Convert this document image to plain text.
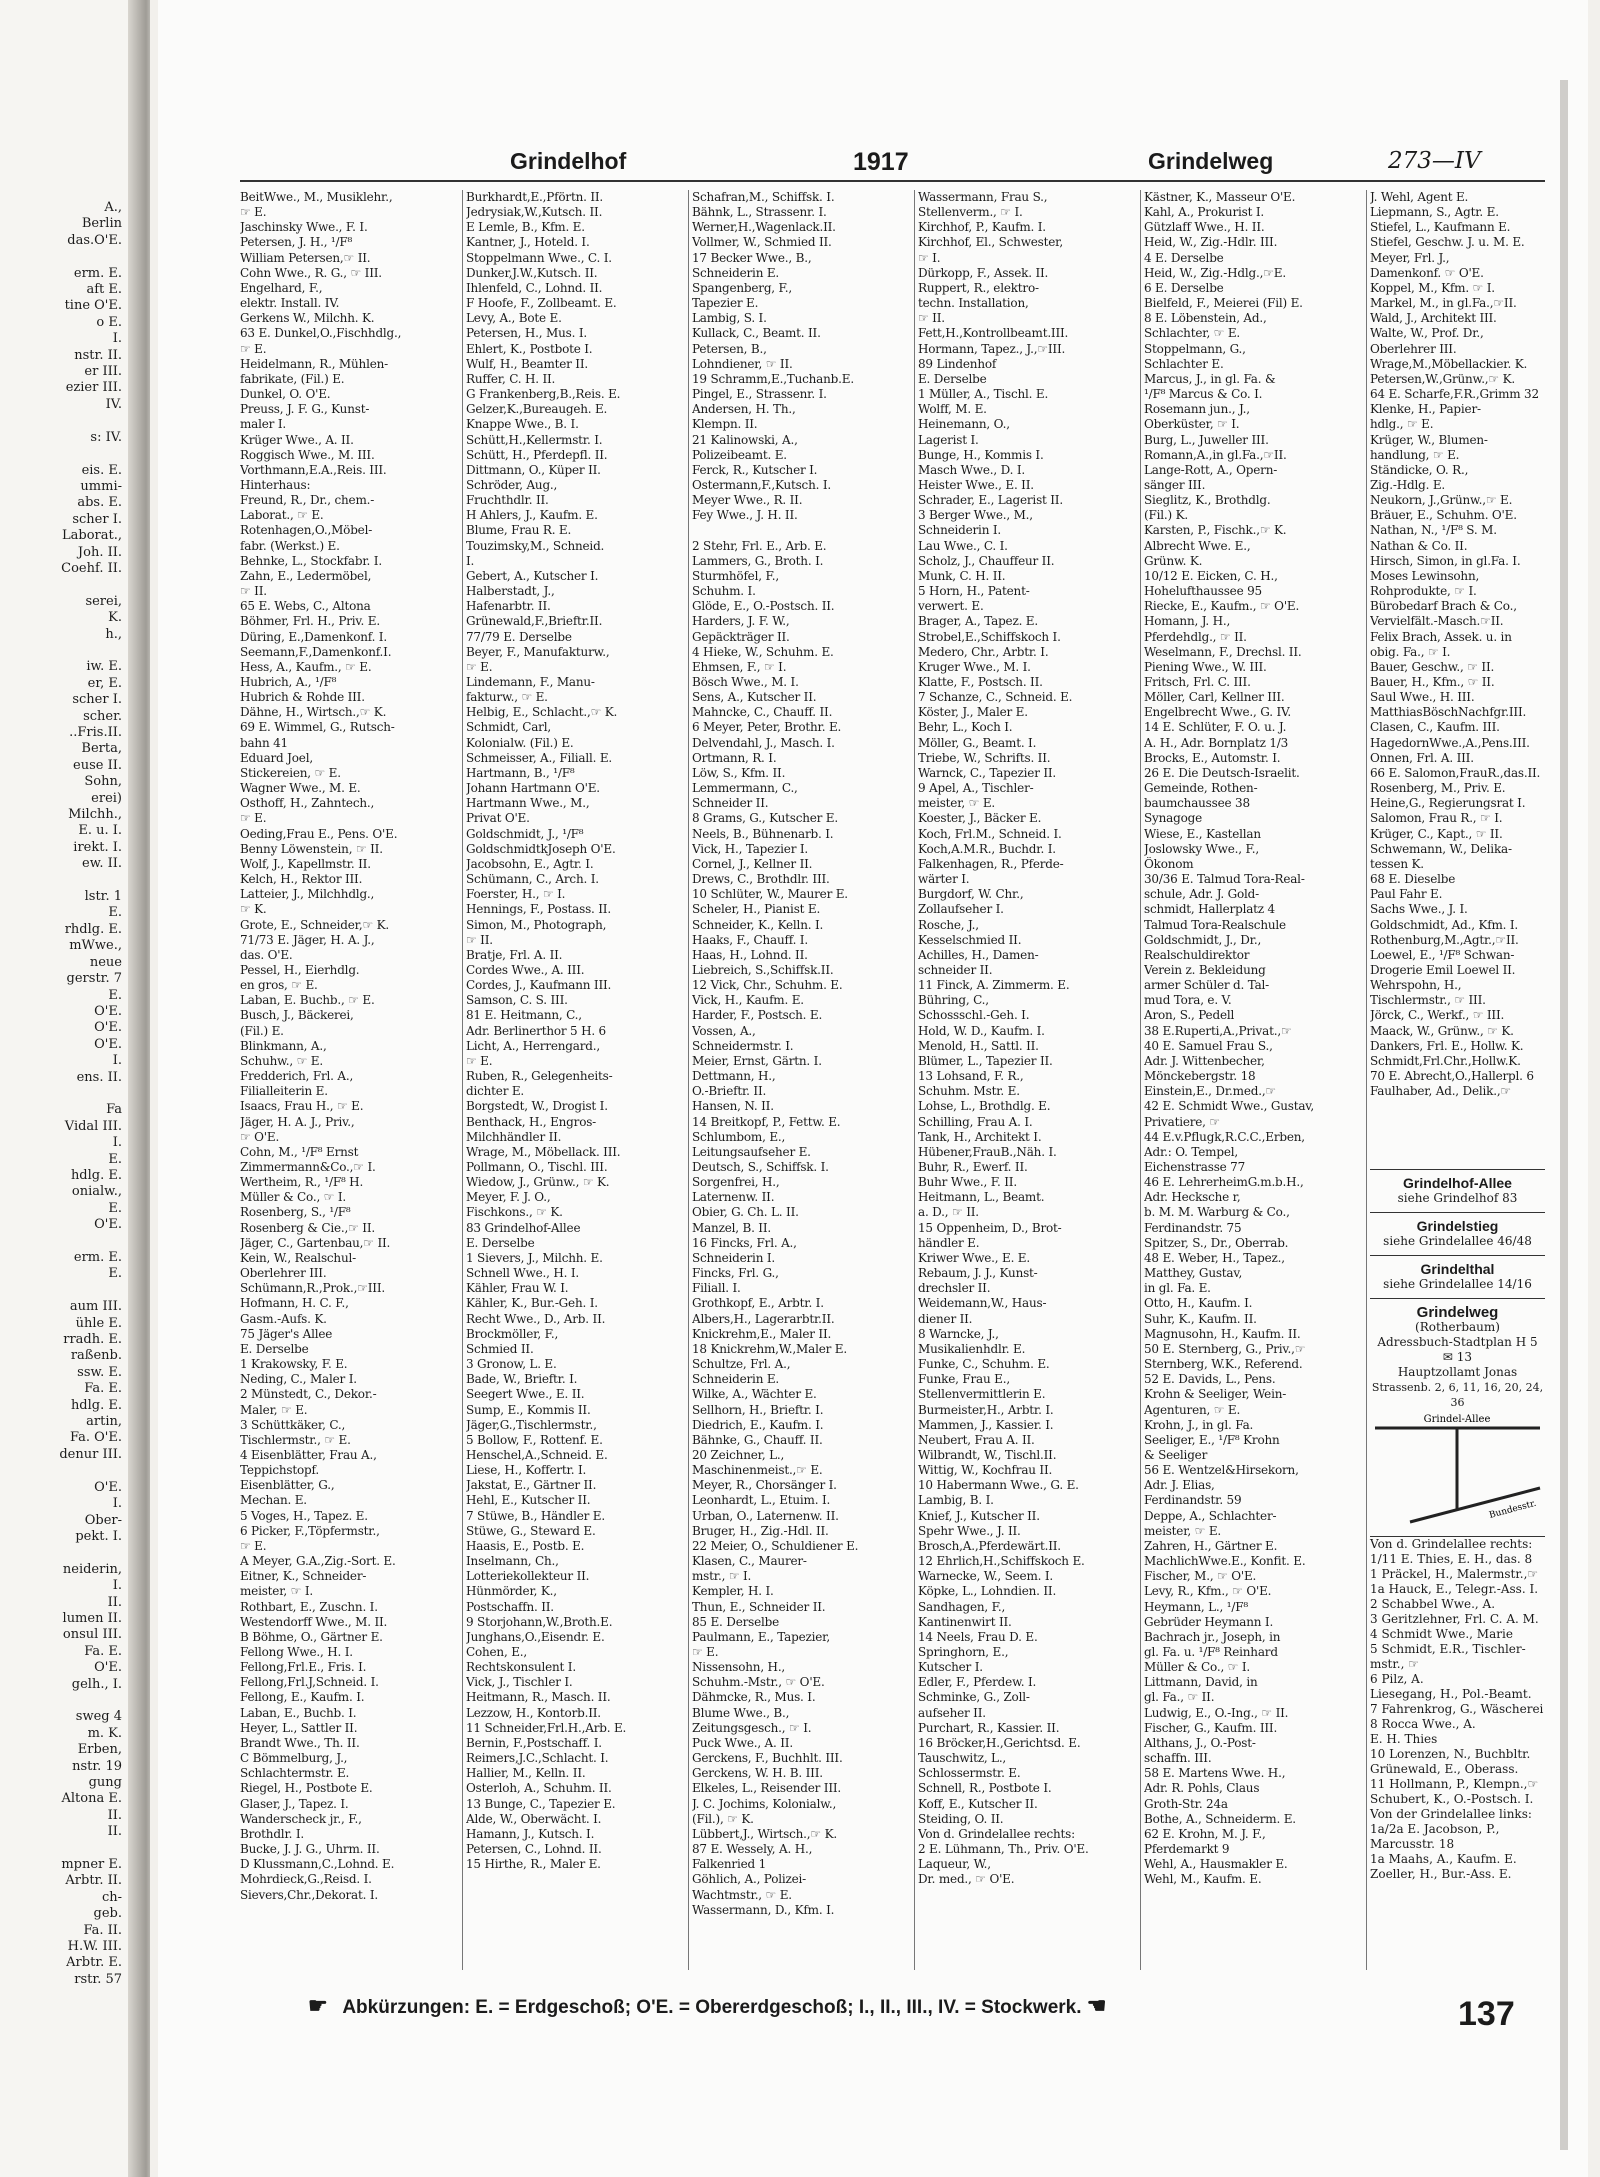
A.,
Berlin
das.O'E.

erm. E.
aft E.
tine O'E.
o E.
I.
nstr. II.
er III.
ezier III.
IV.

s: IV.

eis. E.
ummi-
abs. E.
scher I.
Laborat.,
Joh. II.
Coehf. II.

serei,
K.
h.,

iw. E.
er, E.
scher I.
scher.
..Fris.II.
Berta,
euse II.
Sohn,
erei)
Milchh.,
E. u. I.
irekt. I.
ew. II.

lstr. 1
E.
rhdlg. E.
mWwe.,
neue
gerstr. 7
E.
O'E.
O'E.
O'E.
I.
ens. II.

Fa
Vidal III.
I.
E.
hdlg. E.
onialw.,
E.
O'E.

erm. E.
E.

aum III.
ühle E.
rradh. E.
raßenb.
ssw. E.
Fa. E.
hdlg. E.
artin,
Fa. O'E.
denur III.

O'E.
I.
Ober-
pekt. I.

neiderin,
I.
II.
lumen II.
onsul III.
Fa. E.
O'E.
gelh., I.

sweg 4
m. K.
Erben,
nstr. 19
gung
Altona E.
II.
II.

mpner E.
Arbtr. II.
ch-
geb.
Fa. II.
H.W. III.
Arbtr. E.
rstr. 57
Grindelhof	1917	Grindelweg	273—IV
BeitWwe., M., Musiklehr.,
☞ E.
Jaschinsky Wwe., F. I.
Petersen, J. H., ¹/F⁸
William Petersen,☞ II.
Cohn Wwe., R. G., ☞ III.
Engelhard, F.,
elektr. Install. IV.
Gerkens W., Milchh. K.
63 E. Dunkel,O.,Fischhdlg.,
☞ E.
Heidelmann, R., Mühlen-
fabrikate, (Fil.) E.
Dunkel, O. O'E.
Preuss, J. F. G., Kunst-
maler I.
Krüger Wwe., A. II.
Roggisch Wwe., M. III.
Vorthmann,E.A.,Reis. III.
Hinterhaus:
Freund, R., Dr., chem.-
Laborat., ☞ E.
Rotenhagen,O.,Möbel-
fabr. (Werkst.) E.
Behnke, L., Stockfabr. I.
Zahn, E., Ledermöbel,
☞ II.
65 E. Webs, C., Altona
Böhmer, Frl. H., Priv. E.
Düring, E.,Damenkonf. I.
Seemann,F.,Damenkonf.I.
Hess, A., Kaufm., ☞ E.
Hubrich, A., ¹/F⁸
Hubrich & Rohde III.
Dähne, H., Wirtsch.,☞ K.
69 E. Wimmel, G., Rutsch-
bahn 41
Eduard Joel,
Stickereien, ☞ E.
Wagner Wwe., M. E.
Osthoff, H., Zahntech.,
☞ E.
Oeding,Frau E., Pens. O'E.
Benny Löwenstein, ☞ II.
Wolf, J., Kapellmstr. II.
Kelch, H., Rektor III.
Latteier, J., Milchhdlg.,
☞ K.
Grote, E., Schneider,☞ K.
71/73 E. Jäger, H. A. J.,
das. O'E.
Pessel, H., Eierhdlg.
en gros, ☞ E.
Laban, E. Buchb., ☞ E.
Busch, J., Bäckerei,
(Fil.) E.
Blinkmann, A.,
Schuhw., ☞ E.
Fredderich, Frl. A.,
Filialleiterin E.
Isaacs, Frau H., ☞ E.
Jäger, H. A. J., Priv.,
☞ O'E.
Cohn, M., ¹/F⁸ Ernst
Zimmermann&Co.,☞ I.
Wertheim, R., ¹/F⁸ H.
Müller & Co., ☞ I.
Rosenberg, S., ¹/F⁸
Rosenberg & Cie.,☞ II.
Jäger, C., Gartenbau,☞ II.
Kein, W., Realschul-
Oberlehrer III.
Schümann,R.,Prok.,☞III.
Hofmann, H. C. F.,
Gasm.-Aufs. K.
75 Jäger's Allee
E. Derselbe
1 Krakowsky, F. E.
Neding, C., Maler I.
2 Münstedt, C., Dekor.-
Maler, ☞ E.
3 Schüttkäker, C.,
Tischlermstr., ☞ E.
4 Eisenblätter, Frau A.,
Teppichstopf.
Eisenblätter, G.,
Mechan. E.
5 Voges, H., Tapez. E.
6 Picker, F.,Töpfermstr.,
☞ E.
A Meyer, G.A.,Zig.-Sort. E.
Eitner, K., Schneider-
meister, ☞ I.
Rothbart, E., Zuschn. I.
Westendorff Wwe., M. II.
B Böhme, O., Gärtner E.
Fellong Wwe., H. I.
Fellong,Frl.E., Fris. I.
Fellong,Frl.J,Schneid. I.
Fellong, E., Kaufm. I.
Laban, E., Buchb. I.
Heyer, L., Sattler II.
Brandt Wwe., Th. II.
C Bömmelburg, J.,
Schlachtermstr. E.
Riegel, H., Postbote E.
Glaser, J., Tapez. I.
Wanderscheck jr., F.,
Brothdlr. I.
Bucke, J. J. G., Uhrm. II.
D Klussmann,C.,Lohnd. E.
Mohrdieck,G.,Reisd. I.
Sievers,Chr.,Dekorat. I.
Burkhardt,E.,Pförtn. II.
Jedrysiak,W.,Kutsch. II.
E Lemle, B., Kfm. E.
Kantner, J., Hoteld. I.
Stoppelmann Wwe., C. I.
Dunker,J.W.,Kutsch. II.
Ihlenfeld, C., Lohnd. II.
F Hoofe, F., Zollbeamt. E.
Levy, A., Bote E.
Petersen, H., Mus. I.
Ehlert, K., Postbote I.
Wulf, H., Beamter II.
Ruffer, C. H. II.
G Frankenberg,B.,Reis. E.
Gelzer,K.,Bureaugeh. E.
Knappe Wwe., B. I.
Schütt,H.,Kellermstr. I.
Schütt, H., Pferdepfl. II.
Dittmann, O., Küper II.
Schröder, Aug.,
Fruchthdlr. II.
H Ahlers, J., Kaufm. E.
Blume, Frau R. E.
Touzimsky,M., Schneid.
I.
Gebert, A., Kutscher I.
Halberstadt, J.,
Hafenarbtr. II.
Grünewald,F.,Brieftr.II.
77/79 E. Derselbe
Beyer, F., Manufakturw.,
☞ E.
Lindemann, F., Manu-
fakturw., ☞ E.
Helbig, E., Schlacht.,☞ K.
Schmidt, Carl,
Kolonialw. (Fil.) E.
Schmeisser, A., Filiall. E.
Hartmann, B., ¹/F⁸
Johann Hartmann O'E.
Hartmann Wwe., M.,
Privat O'E.
Goldschmidt, J., ¹/F⁸
GoldschmidtkJoseph O'E.
Jacobsohn, E., Agtr. I.
Schümann, C., Arch. I.
Foerster, H., ☞ I.
Hennings, F., Postass. II.
Simon, M., Photograph,
☞ II.
Bratje, Frl. A. II.
Cordes Wwe., A. III.
Cordes, J., Kaufmann III.
Samson, C. S. III.
81 E. Heitmann, C.,
Adr. Berlinerthor 5 H. 6
Licht, A., Herrengard.,
☞ E.
Ruben, R., Gelegenheits-
dichter E.
Borgstedt, W., Drogist I.
Benthack, H., Engros-
Milchhändler II.
Wrage, M., Möbellack. III.
Pollmann, O., Tischl. III.
Wiedow, J., Grünw., ☞ K.
Meyer, F. J. O.,
Fischkons., ☞ K.
83 Grindelhof-Allee
E. Derselbe
1 Sievers, J., Milchh. E.
Schnell Wwe., H. I.
Kähler, Frau W. I.
Kähler, K., Bur.-Geh. I.
Recht Wwe., D., Arb. II.
Brockmöller, F.,
Schmied II.
3 Gronow, L. E.
Bade, W., Brieftr. I.
Seegert Wwe., E. II.
Sump, E., Kommis II.
Jäger,G.,Tischlermstr.,
5 Bollow, F., Rottenf. E.
Henschel,A.,Schneid. E.
Liese, H., Koffertr. I.
Jakstat, E., Gärtner II.
Hehl, E., Kutscher II.
7 Stüwe, B., Händler E.
Stüwe, G., Steward E.
Haasis, E., Postb. E.
Inselmann, Ch.,
Lotteriekollekteur II.
Hünmörder, K.,
Postschaffn. II.
9 Storjohann,W.,Broth.E.
Junghans,O.,Eisendr. E.
Cohen, E.,
Rechtskonsulent I.
Vick, J., Tischler I.
Heitmann, R., Masch. II.
Lezzow, H., Kontorb.II.
11 Schneider,Frl.H.,Arb. E.
Bernin, F.,Postschaff. I.
Reimers,J.C.,Schlacht. I.
Hallier, M., Kelln. II.
Osterloh, A., Schuhm. II.
13 Bunge, C., Tapezier E.
Alde, W., Oberwächt. I.
Hamann, J., Kutsch. I.
Petersen, C., Lohnd. II.
15 Hirthe, R., Maler E.
Schafran,M., Schiffsk. I.
Bähnk, L., Strassenr. I.
Werner,H.,Wagenlack.II.
Vollmer, W., Schmied II.
17 Becker Wwe., B.,
Schneiderin E.
Spangenberg, F.,
Tapezier E.
Lambig, S. I.
Kullack, C., Beamt. II.
Petersen, B.,
Lohndiener, ☞ II.
19 Schramm,E.,Tuchanb.E.
Pingel, E., Strassenr. I.
Andersen, H. Th.,
Klempn. II.
21 Kalinowski, A.,
Polizeibeamt. E.
Ferck, R., Kutscher I.
Ostermann,F.,Kutsch. I.
Meyer Wwe., R. II.
Fey Wwe., J. H. II.

2 Stehr, Frl. E., Arb. E.
Lammers, G., Broth. I.
Sturmhöfel, F.,
Schuhm. I.
Glöde, E., O.-Postsch. II.
Harders, J. F. W.,
Gepäckträger II.
4 Hieke, W., Schuhm. E.
Ehmsen, F., ☞ I.
Bösch Wwe., M. I.
Sens, A., Kutscher II.
Mahncke, C., Chauff. II.
6 Meyer, Peter, Brothr. E.
Delvendahl, J., Masch. I.
Ortmann, R. I.
Löw, S., Kfm. II.
Lemmermann, C.,
Schneider II.
8 Grams, G., Kutscher E.
Neels, B., Bühnenarb. I.
Vick, H., Tapezier I.
Cornel, J., Kellner II.
Drews, C., Brothdlr. III.
10 Schlüter, W., Maurer E.
Scheler, H., Pianist E.
Schneider, K., Kelln. I.
Haaks, F., Chauff. I.
Haas, H., Lohnd. II.
Liebreich, S.,Schiffsk.II.
12 Vick, Chr., Schuhm. E.
Vick, H., Kaufm. E.
Harder, F., Postsch. E.
Vossen, A.,
Schneidermstr. I.
Meier, Ernst, Gärtn. I.
Dettmann, H.,
O.-Brieftr. II.
Hansen, N. II.
14 Breitkopf, P., Fettw. E.
Schlumbom, E.,
Leitungsaufseher E.
Deutsch, S., Schiffsk. I.
Sorgenfrei, H.,
Laternenw. II.
Obier, G. Ch. L. II.
Manzel, B. II.
16 Fincks, Frl. A.,
Schneiderin I.
Fincks, Frl. G.,
Filiall. I.
Grothkopf, E., Arbtr. I.
Albers,H., Lagerarbtr.II.
Knickrehm,E., Maler II.
18 Knickrehm,W.,Maler E.
Schultze, Frl. A.,
Schneiderin E.
Wilke, A., Wächter E.
Sellhorn, H., Brieftr. I.
Diedrich, E., Kaufm. I.
Bähnke, G., Chauff. II.
20 Zeichner, L.,
Maschinenmeist.,☞ E.
Meyer, R., Chorsänger I.
Leonhardt, L., Etuim. I.
Urban, O., Laternenw. II.
Bruger, H., Zig.-Hdl. II.
22 Meier, O., Schuldiener E.
Klasen, C., Maurer-
mstr., ☞ I.
Kempler, H. I.
Thun, E., Schneider II.
85 E. Derselbe
Paulmann, E., Tapezier,
☞ E.
Nissensohn, H.,
Schuhm.-Mstr., ☞ O'E.
Dähmcke, R., Mus. I.
Blume Wwe., B.,
Zeitungsgesch., ☞ I.
Puck Wwe., A. II.
Gerckens, F., Buchhlt. III.
Gerckens, W. H. B. III.
Elkeles, L., Reisender III.
J. C. Jochims, Kolonialw.,
(Fil.), ☞ K.
Lübbert,J., Wirtsch.,☞ K.
87 E. Wessely, A. H.,
Falkenried 1
Göhlich, A., Polizei-
Wachtmstr., ☞ E.
Wassermann, D., Kfm. I.
Wassermann, Frau S.,
Stellenverm., ☞ I.
Kirchhof, P., Kaufm. I.
Kirchhof, El., Schwester,
☞ I.
Dürkopp, F., Assek. II.
Ruppert, R., elektro-
techn. Installation,
☞ II.
Fett,H.,Kontrollbeamt.III.
Hormann, Tapez., J.,☞III.
89 Lindenhof
E. Derselbe
1 Müller, A., Tischl. E.
Wolff, M. E.
Heinemann, O.,
Lagerist I.
Bunge, H., Kommis I.
Masch Wwe., D. I.
Heister Wwe., E. II.
Schrader, E., Lagerist II.
3 Berger Wwe., M.,
Schneiderin I.
Lau Wwe., C. I.
Scholz, J., Chauffeur II.
Munk, C. H. II.
5 Horn, H., Patent-
verwert. E.
Brager, A., Tapez. E.
Strobel,E.,Schiffskoch I.
Medero, Chr., Arbtr. I.
Kruger Wwe., M. I.
Klatte, F., Postsch. II.
7 Schanze, C., Schneid. E.
Köster, J., Maler E.
Behr, L., Koch I.
Möller, G., Beamt. I.
Triebe, W., Schrifts. II.
Warnck, C., Tapezier II.
9 Apel, A., Tischler-
meister, ☞ E.
Koester, J., Bäcker E.
Koch, Frl.M., Schneid. I.
Koch,A.M.R., Buchdr. I.
Falkenhagen, R., Pferde-
wärter I.
Burgdorf, W. Chr.,
Zollaufseher I.
Rosche, J.,
Kesselschmied II.
Achilles, H., Damen-
schneider II.
11 Finck, A. Zimmerm. E.
Bühring, C.,
Schossschl.-Geh. I.
Hold, W. D., Kaufm. I.
Menold, H., Sattl. II.
Blümer, L., Tapezier II.
13 Lohsand, F. R.,
Schuhm. Mstr. E.
Lohse, L., Brothdlg. E.
Schilling, Frau A. I.
Tank, H., Architekt I.
Hübener,FrauB.,Näh. I.
Buhr, R., Ewerf. II.
Buhr Wwe., F. II.
Heitmann, L., Beamt.
a. D., ☞ II.
15 Oppenheim, D., Brot-
händler E.
Kriwer Wwe., E. E.
Rebaum, J. J., Kunst-
drechsler II.
Weidemann,W., Haus-
diener II.
8 Warncke, J.,
Musikalienhdlr. E.
Funke, C., Schuhm. E.
Funke, Frau E.,
Stellenvermittlerin E.
Burmeister,H., Arbtr. I.
Mammen, J., Kassier. I.
Neubert, Frau A. II.
Wilbrandt, W., Tischl.II.
Wittig, W., Kochfrau II.
10 Habermann Wwe., G. E.
Lambig, B. I.
Knief, J., Kutscher II.
Spehr Wwe., J. II.
Brosch,A.,Pferdewärt.II.
12 Ehrlich,H.,Schiffskoch E.
Warnecke, W., Seem. I.
Köpke, L., Lohndien. II.
Sandhagen, F.,
Kantinenwirt II.
14 Neels, Frau D. E.
Springhorn, E.,
Kutscher I.
Edler, F., Pferdew. I.
Schminke, G., Zoll-
aufseher II.
Purchart, R., Kassier. II.
16 Bröcker,H.,Gerichtsd. E.
Tauschwitz, L.,
Schlossermstr. E.
Schnell, R., Postbote I.
Koff, E., Kutscher II.
Steiding, O. II.
Von d. Grindelallee rechts:
2 E. Lühmann, Th., Priv. O'E.
Laqueur, W.,
Dr. med., ☞ O'E.
Kästner, K., Masseur O'E.
Kahl, A., Prokurist I.
Gützlaff Wwe., H. II.
Heid, W., Zig.-Hdlr. III.
4 E. Derselbe
Heid, W., Zig.-Hdlg.,☞E.
6 E. Derselbe
Bielfeld, F., Meierei (Fil) E.
8 E. Löbenstein, Ad.,
Schlachter, ☞ E.
Stoppelmann, G.,
Schlachter E.
Marcus, J., in gl. Fa. &
¹/F⁸ Marcus & Co. I.
Rosemann jun., J.,
Oberküster, ☞ I.
Burg, L., Juweller III.
Romann,A.,in gl.Fa.,☞II.
Lange-Rott, A., Opern-
sänger III.
Sieglitz, K., Brothdlg.
(Fil.) K.
Karsten, P., Fischk.,☞ K.
Albrecht Wwe. E.,
Grünw. K.
10/12 E. Eicken, C. H.,
Hohelufthaussee 95
Riecke, E., Kaufm., ☞ O'E.
Homann, J. H.,
Pferdehdlg., ☞ II.
Weselmann, F., Drechsl. II.
Piening Wwe., W. III.
Fritsch, Frl. C. III.
Möller, Carl, Kellner III.
Engelbrecht Wwe., G. IV.
14 E. Schlüter, F. O. u. J.
A. H., Adr. Bornplatz 1/3
Brocks, E., Automstr. I.
26 E. Die Deutsch-Israelit.
Gemeinde, Rothen-
baumchaussee 38
Synagoge
Wiese, E., Kastellan
Joslowsky Wwe., F.,
Ökonom
30/36 E. Talmud Tora-Real-
schule, Adr. J. Gold-
schmidt, Hallerplatz 4
Talmud Tora-Realschule
Goldschmidt, J., Dr.,
Realschuldirektor
Verein z. Bekleidung
armer Schüler d. Tal-
mud Tora, e. V.
Aron, S., Pedell
38 E.Ruperti,A.,Privat.,☞
40 E. Samuel Frau S.,
Adr. J. Wittenbecher,
Mönckebergstr. 18
Einstein,E., Dr.med.,☞
42 E. Schmidt Wwe., Gustav,
Privatiere, ☞
44 E.v.Pflugk,R.C.C.,Erben,
Adr.: O. Tempel,
Eichenstrasse 77
46 E. LehrerheimG.m.b.H.,
Adr. Hecksche r,
b. M. M. Warburg & Co.,
Ferdinandstr. 75
Spitzer, S., Dr., Oberrab.
48 E. Weber, H., Tapez.,
Matthey, Gustav,
in gl. Fa. E.
Otto, H., Kaufm. I.
Suhr, K., Kaufm. II.
Magnusohn, H., Kaufm. II.
50 E. Sternberg, G., Priv.,☞
Sternberg, W.K., Referend.
52 E. Davids, L., Pens.
Krohn & Seeliger, Wein-
Agenturen, ☞ E.
Krohn, J., in gl. Fa.
Seeliger, E., ¹/F⁸ Krohn
& Seeliger
56 E. Wentzel&Hirsekorn,
Adr. J. Elias,
Ferdinandstr. 59
Deppe, A., Schlachter-
meister, ☞ E.
Zahren, H., Gärtner E.
MachlichWwe.E., Konfit. E.
Fischer, M., ☞ O'E.
Levy, R., Kfm., ☞ O'E.
Heymann, L., ¹/F⁸
Gebrüder Heymann I.
Bachrach jr., Joseph, in
gl. Fa. u. ¹/F⁸ Reinhard
Müller & Co., ☞ I.
Littmann, David, in
gl. Fa., ☞ II.
Ludwig, E., O.-Ing., ☞ II.
Fischer, G., Kaufm. III.
Althans, J., O.-Post-
schaffn. III.
58 E. Martens Wwe. H.,
Adr. R. Pohls, Claus
Groth-Str. 24a
Bothe, A., Schneiderm. E.
62 E. Krohn, M. J. F.,
Pferdemarkt 9
Wehl, A., Hausmakler E.
Wehl, M., Kaufm. E.
J. Wehl, Agent E.
Liepmann, S., Agtr. E.
Stiefel, L., Kaufmann E.
Stiefel, Geschw. J. u. M. E.
Meyer, Frl. J.,
Damenkonf. ☞ O'E.
Koppel, M., Kfm. ☞ I.
Markel, M., in gl.Fa.,☞II.
Wald, J., Architekt III.
Walte, W., Prof. Dr.,
Oberlehrer III.
Wrage,M.,Möbellackier. K.
Petersen,W.,Grünw.,☞ K.
64 E. Scharfe,F.R.,Grimm 32
Klenke, H., Papier-
hdlg., ☞ E.
Krüger, W., Blumen-
handlung, ☞ E.
Ständicke, O. R.,
Zig.-Hdlg. E.
Neukorn, J.,Grünw.,☞ E.
Bräuer, E., Schuhm. O'E.
Nathan, N., ¹/F⁸ S. M.
Nathan & Co. II.
Hirsch, Simon, in gl.Fa. I.
Moses Lewinsohn,
Rohprodukte, ☞ I.
Bürobedarf Brach & Co.,
Vervielfält.-Masch.☞II.
Felix Brach, Assek. u. in
obig. Fa., ☞ I.
Bauer, Geschw., ☞ II.
Bauer, H., Kfm., ☞ II.
Saul Wwe., H. III.
MatthiasBöschNachfgr.III.
Clasen, C., Kaufm. III.
HagedornWwe.,A.,Pens.III.
Onnen, Frl. A. III.
66 E. Salomon,FrauR.,das.II.
Rosenberg, M., Priv. E.
Heine,G., Regierungsrat I.
Salomon, Frau R., ☞ I.
Krüger, C., Kapt., ☞ II.
Schwemann, W., Delika-
tessen K.
68 E. Dieselbe
Paul Fahr E.
Sachs Wwe., J. I.
Goldschmidt, Ad., Kfm. I.
Rothenburg,M.,Agtr.,☞II.
Loewel, E., ¹/F⁸ Schwan-
Drogerie Emil Loewel II.
Wehrspohn, H.,
Tischlermstr., ☞ III.
Jörck, C., Werkf., ☞ III.
Maack, W., Grünw., ☞ K.
Dankers, Frl. E., Hollw. K.
Schmidt,Frl.Chr.,Hollw.K.
70 E. Abrecht,O.,Hallerpl. 6
Faulhaber, Ad., Delik.,☞
Grindelhof-Allee
siehe Grindelhof 83
Grindelstieg
siehe Grindelallee 46/48
Grindelthal
siehe Grindelallee 14/16
Grindelweg
(Rotherbaum)
Adressbuch-Stadtplan H 5
✉ 13
Hauptzollamt Jonas
Strassenb. 2, 6, 11, 16, 20, 24, 36
Grindel-Allee
Bundesstr.
Von d. Grindelallee rechts:
1/11 E. Thies, E. H., das. 8
1 Präckel, H., Malermstr.,☞
1a Hauck, E., Telegr.-Ass. I.
2 Schabbel Wwe., A.
3 Geritzlehner, Frl. C. A. M.
4 Schmidt Wwe., Marie
5 Schmidt, E.R., Tischler-
mstr., ☞
6 Pilz, A.
Liesegang, H., Pol.-Beamt.
7 Fahrenkrog, G., Wäscherei
8 Rocca Wwe., A.
E. H. Thies
10 Lorenzen, N., Buchbltr.
Grünewald, E., Oberass.
11 Hollmann, P., Klempn.,☞
Schubert, K., O.-Postsch. I.
Von der Grindelallee links:
1a/2a E. Jacobson, P.,
Marcusstr. 18
1a Maahs, A., Kaufm. E.
Zoeller, H., Bur.-Ass. E.
☛ Abkürzungen: E. = Erdgeschoß; O'E. = Obererdgeschoß; I., II., III., IV. = Stockwerk. ☚	137
